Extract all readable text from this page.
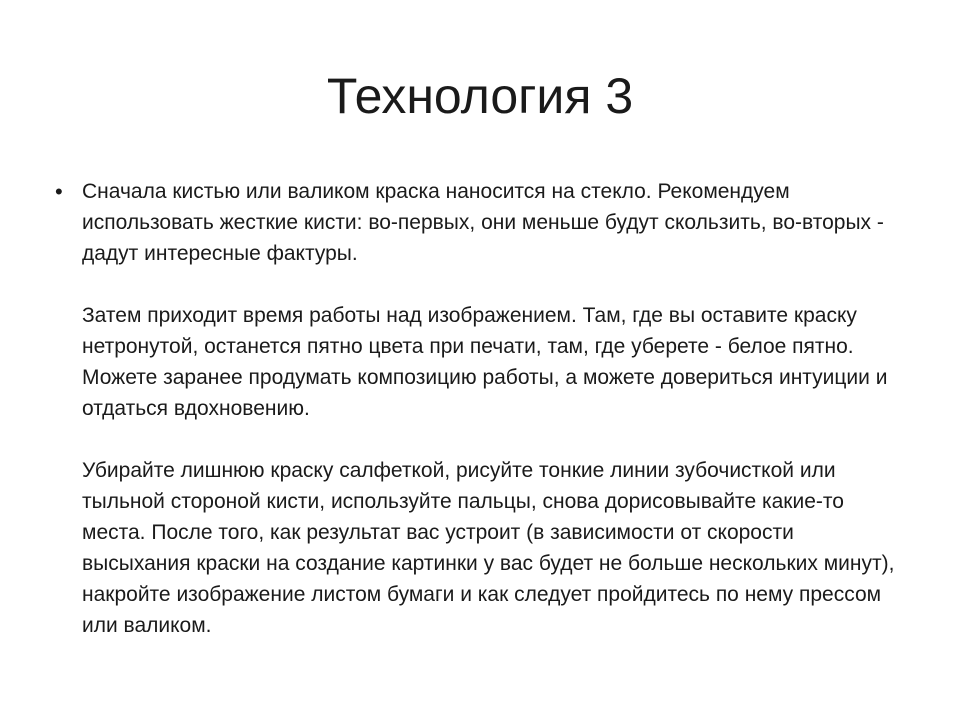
Технология 3
• Сначала кистью или валиком краска наносится на стекло. Рекомендуем использовать жесткие кисти: во-первых, они меньше будут скользить, во-вторых - дадут интересные фактуры.

Затем приходит время работы над изображением. Там, где вы оставите краску нетронутой, останется пятно цвета при печати, там, где уберете - белое пятно. Можете заранее продумать композицию работы, а можете довериться интуиции и отдаться вдохновению.

Убирайте лишнюю краску салфеткой, рисуйте тонкие линии зубочисткой или тыльной стороной кисти, используйте пальцы, снова дорисовывайте какие-то места. После того, как результат вас устроит (в зависимости от скорости высыхания краски на создание картинки у вас будет не больше нескольких минут), накройте изображение листом бумаги и как следует пройдитесь по нему прессом или валиком.
